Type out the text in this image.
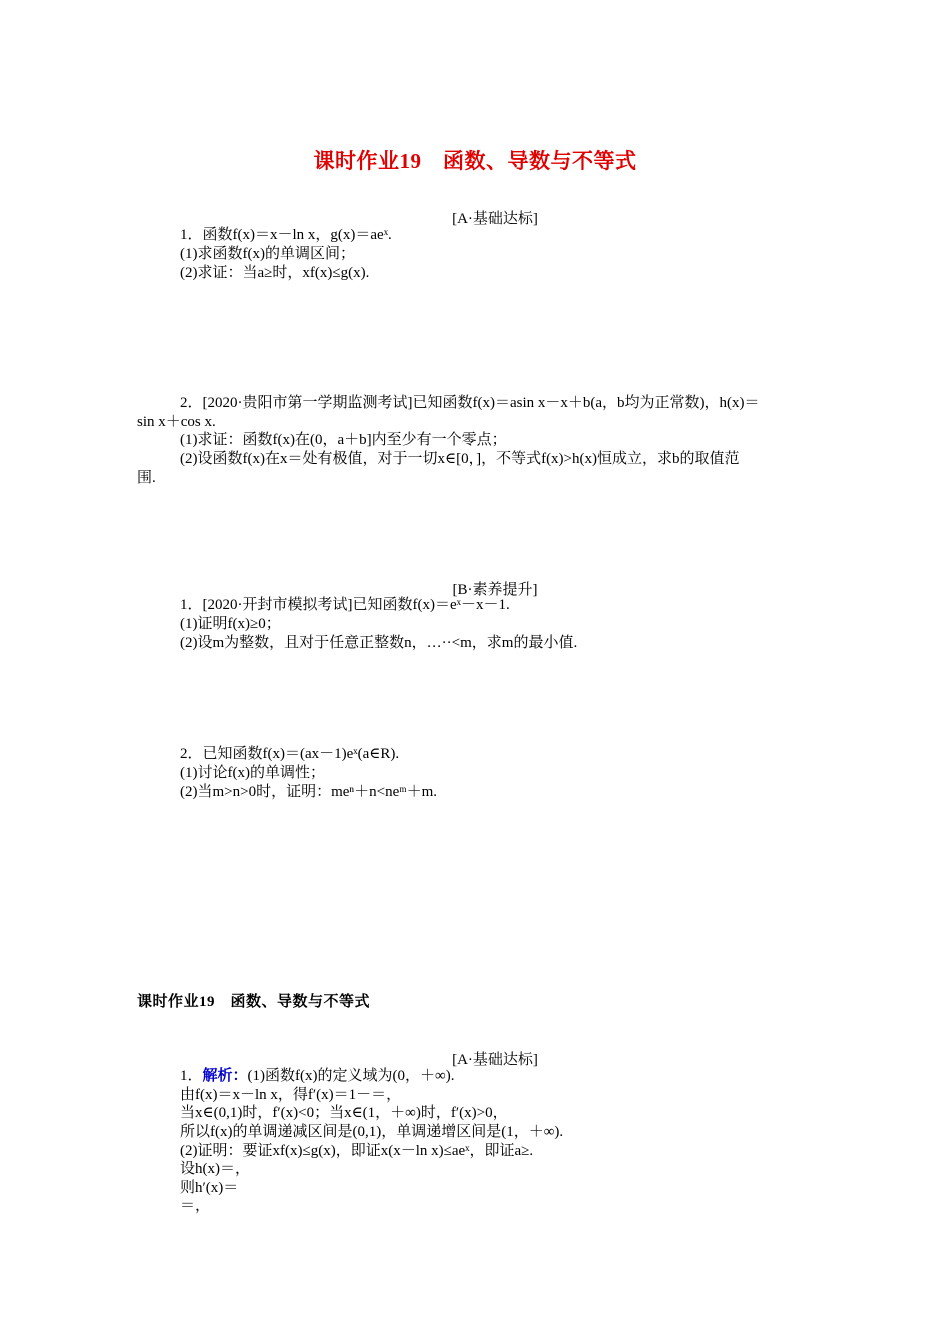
课时作业19　函数、导数与不等式
[A·基础达标]
1．函数f(x)＝x－ln x，g(x)＝aeˣ.
(1)求函数f(x)的单调区间；
(2)求证：当a≥时，xf(x)≤g(x).
2．[2020·贵阳市第一学期监测考试]已知函数f(x)＝asin x－x＋b(a，b均为正常数)，h(x)＝
sin x＋cos x.
(1)求证：函数f(x)在(0，a＋b]内至少有一个零点；
(2)设函数f(x)在x＝处有极值，对于一切x∈[0，]，不等式f(x)>h(x)恒成立，求b的取值范
围.
[B·素养提升]
1．[2020·开封市模拟考试]已知函数f(x)＝eˣ－x－1.
(1)证明f(x)≥0；
(2)设m为整数，且对于任意正整数n，…··<m，求m的最小值.
2．已知函数f(x)＝(ax－1)eˣ(a∈R).
(1)讨论f(x)的单调性；
(2)当m>n>0时，证明：meⁿ＋n<neᵐ＋m.
课时作业19　函数、导数与不等式
[A·基础达标]
1．解析：(1)函数f(x)的定义域为(0，＋∞).
由f(x)＝x－ln x，得f′(x)＝1－＝，
当x∈(0,1)时，f′(x)<0；当x∈(1，＋∞)时，f′(x)>0，
所以f(x)的单调递减区间是(0,1)，单调递增区间是(1，＋∞).
(2)证明：要证xf(x)≤g(x)，即证x(x－ln x)≤aeˣ，即证a≥.
设h(x)＝，
则h′(x)＝
＝，
